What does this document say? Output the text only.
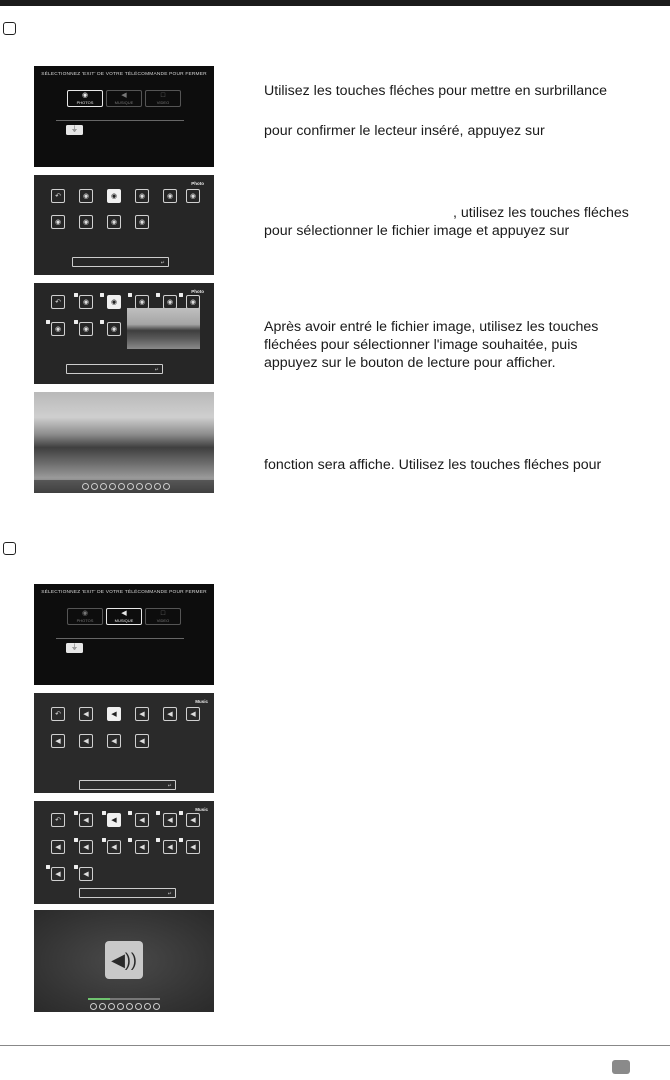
SÉLECTIONNEZ 'EXIT' DE VOTRE TÉLÉCOMMANDE POUR FERMER
◉
PHOTOS
◀
MUSIQUE
□
VIDEO
⏚
Utilisez les touches fléches pour mettre en surbrillance
pour confirmer le lecteur inséré, appuyez sur
Photo
↶	◉	◉	◉	◉	◉
◉	◉	◉	◉
↵
, utilisez les touches fléches
pour sélectionner le fichier image et appuyez sur
Photo
↶	◉	◉	◉	◉	◉
◉	◉	◉
↵
Après avoir entré le fichier image, utilisez les touches
fléchées pour sélectionner l'image souhaitée, puis
appuyez sur le bouton de lecture pour afficher.
fonction sera affiche. Utilisez les touches fléches pour
SÉLECTIONNEZ 'EXIT' DE VOTRE TÉLÉCOMMANDE POUR FERMER
◉
PHOTOS
◀
MUSIQUE
□
VIDEO
⏚
Music
↶	◀	◀	◀	◀	◀
◀	◀	◀	◀
↵
Music
↶	◀	◀	◀	◀
◀
◀	◀	◀	◀	◀	◀
◀	◀
↵
◀))
